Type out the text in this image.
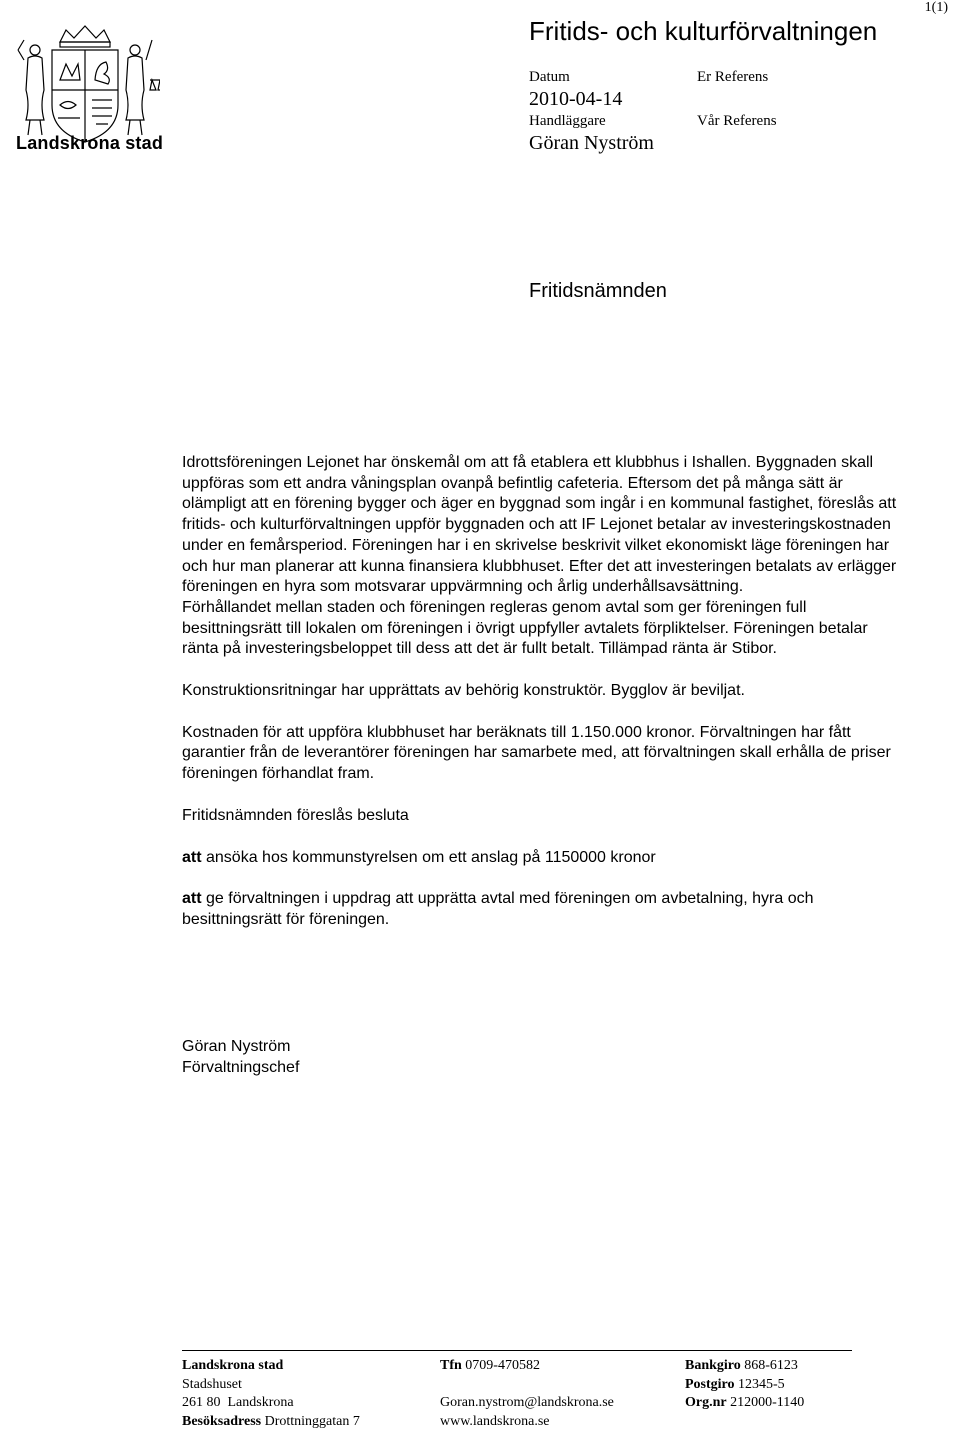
Landskrona stad
1(1)
Fritids- och kulturförvaltningen
Datum
2010-04-14
Handläggare
Göran Nyström
Er Referens
Vår Referens
Fritidsnämnden

Idrottsföreningen Lejonet har önskemål om att få etablera ett klubbhus i Ishallen. Byggnaden skall uppföras som ett andra våningsplan ovanpå befintlig cafeteria. Eftersom det på många sätt är olämpligt att en förening bygger och äger en byggnad som ingår i en kommunal fastighet, föreslås att fritids- och kulturförvaltningen uppför byggnaden och att IF Lejonet betalar av investeringskostnaden under en femårsperiod. Föreningen har i en skrivelse beskrivit vilket ekonomiskt läge föreningen har och hur man planerar att kunna finansiera klubbhuset. Efter det att investeringen betalats av erlägger föreningen en hyra som motsvarar uppvärmning och årlig underhållsavsättning.

Förhållandet mellan staden och föreningen regleras genom avtal som ger föreningen full besittningsrätt till lokalen om föreningen i övrigt uppfyller avtalets förpliktelser. Föreningen betalar ränta på investeringsbeloppet till dess att det är fullt betalt. Tillämpad ränta är Stibor.

Konstruktionsritningar har upprättats av behörig konstruktör. Bygglov är beviljat.

Kostnaden för att uppföra klubbhuset har beräknats till 1.150.000 kronor. Förvaltningen har fått garantier från de leverantörer föreningen har samarbete med, att förvaltningen skall erhålla de priser föreningen förhandlat fram.

Fritidsnämnden föreslås besluta

att ansöka hos kommunstyrelsen om ett anslag på 1150000 kronor

att ge förvaltningen i uppdrag att upprätta avtal med föreningen om avbetalning, hyra och besittningsrätt för föreningen.

Göran Nyström
Förvaltningschef
Landskrona stad
Stadshuset
261 80  Landskrona
Besöksadress Drottninggatan 7
Tfn 0709-470582
Goran.nystrom@landskrona.se
www.landskrona.se
Bankgiro 868-6123
Postgiro 12345-5
Org.nr 212000-1140
